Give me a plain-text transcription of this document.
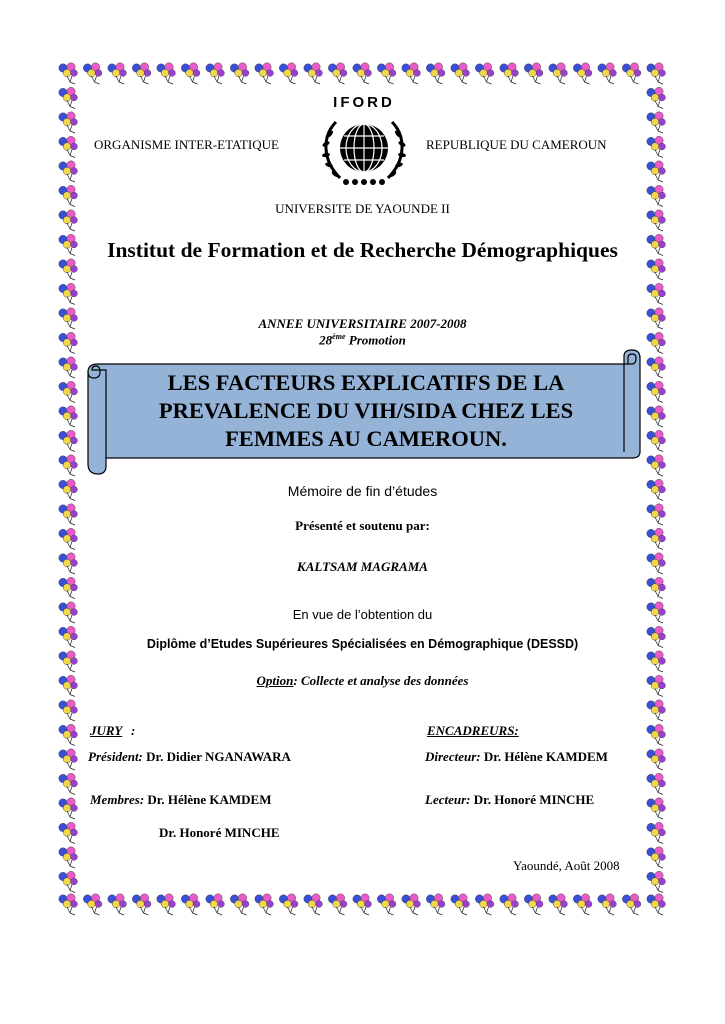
ORGANISME INTER-ETATIQUE	REPUBLIQUE DU CAMEROUN
IFORD
UNIVERSITE DE YAOUNDE II
Institut de Formation et de Recherche Démographiques
ANNEE UNIVERSITAIRE 2007-2008
28ème Promotion
LES FACTEURS EXPLICATIFS DE LA
PREVALENCE DU VIH/SIDA CHEZ LES
FEMMES AU CAMEROUN.
Mémoire de fin d’études
Présenté et soutenu par:
KALTSAM MAGRAMA
En vue de l’obtention du
Diplôme d’Etudes Supérieures Spécialisées en Démographique (DESSD)
Option: Collecte et analyse des données
JURY :
Président: Dr. Didier NGANAWARA
Membres: Dr. Hélène KAMDEM
Dr. Honoré MINCHE
ENCADREURS:
Directeur: Dr. Hélène KAMDEM
Lecteur: Dr. Honoré MINCHE
Yaoundé, Août 2008
